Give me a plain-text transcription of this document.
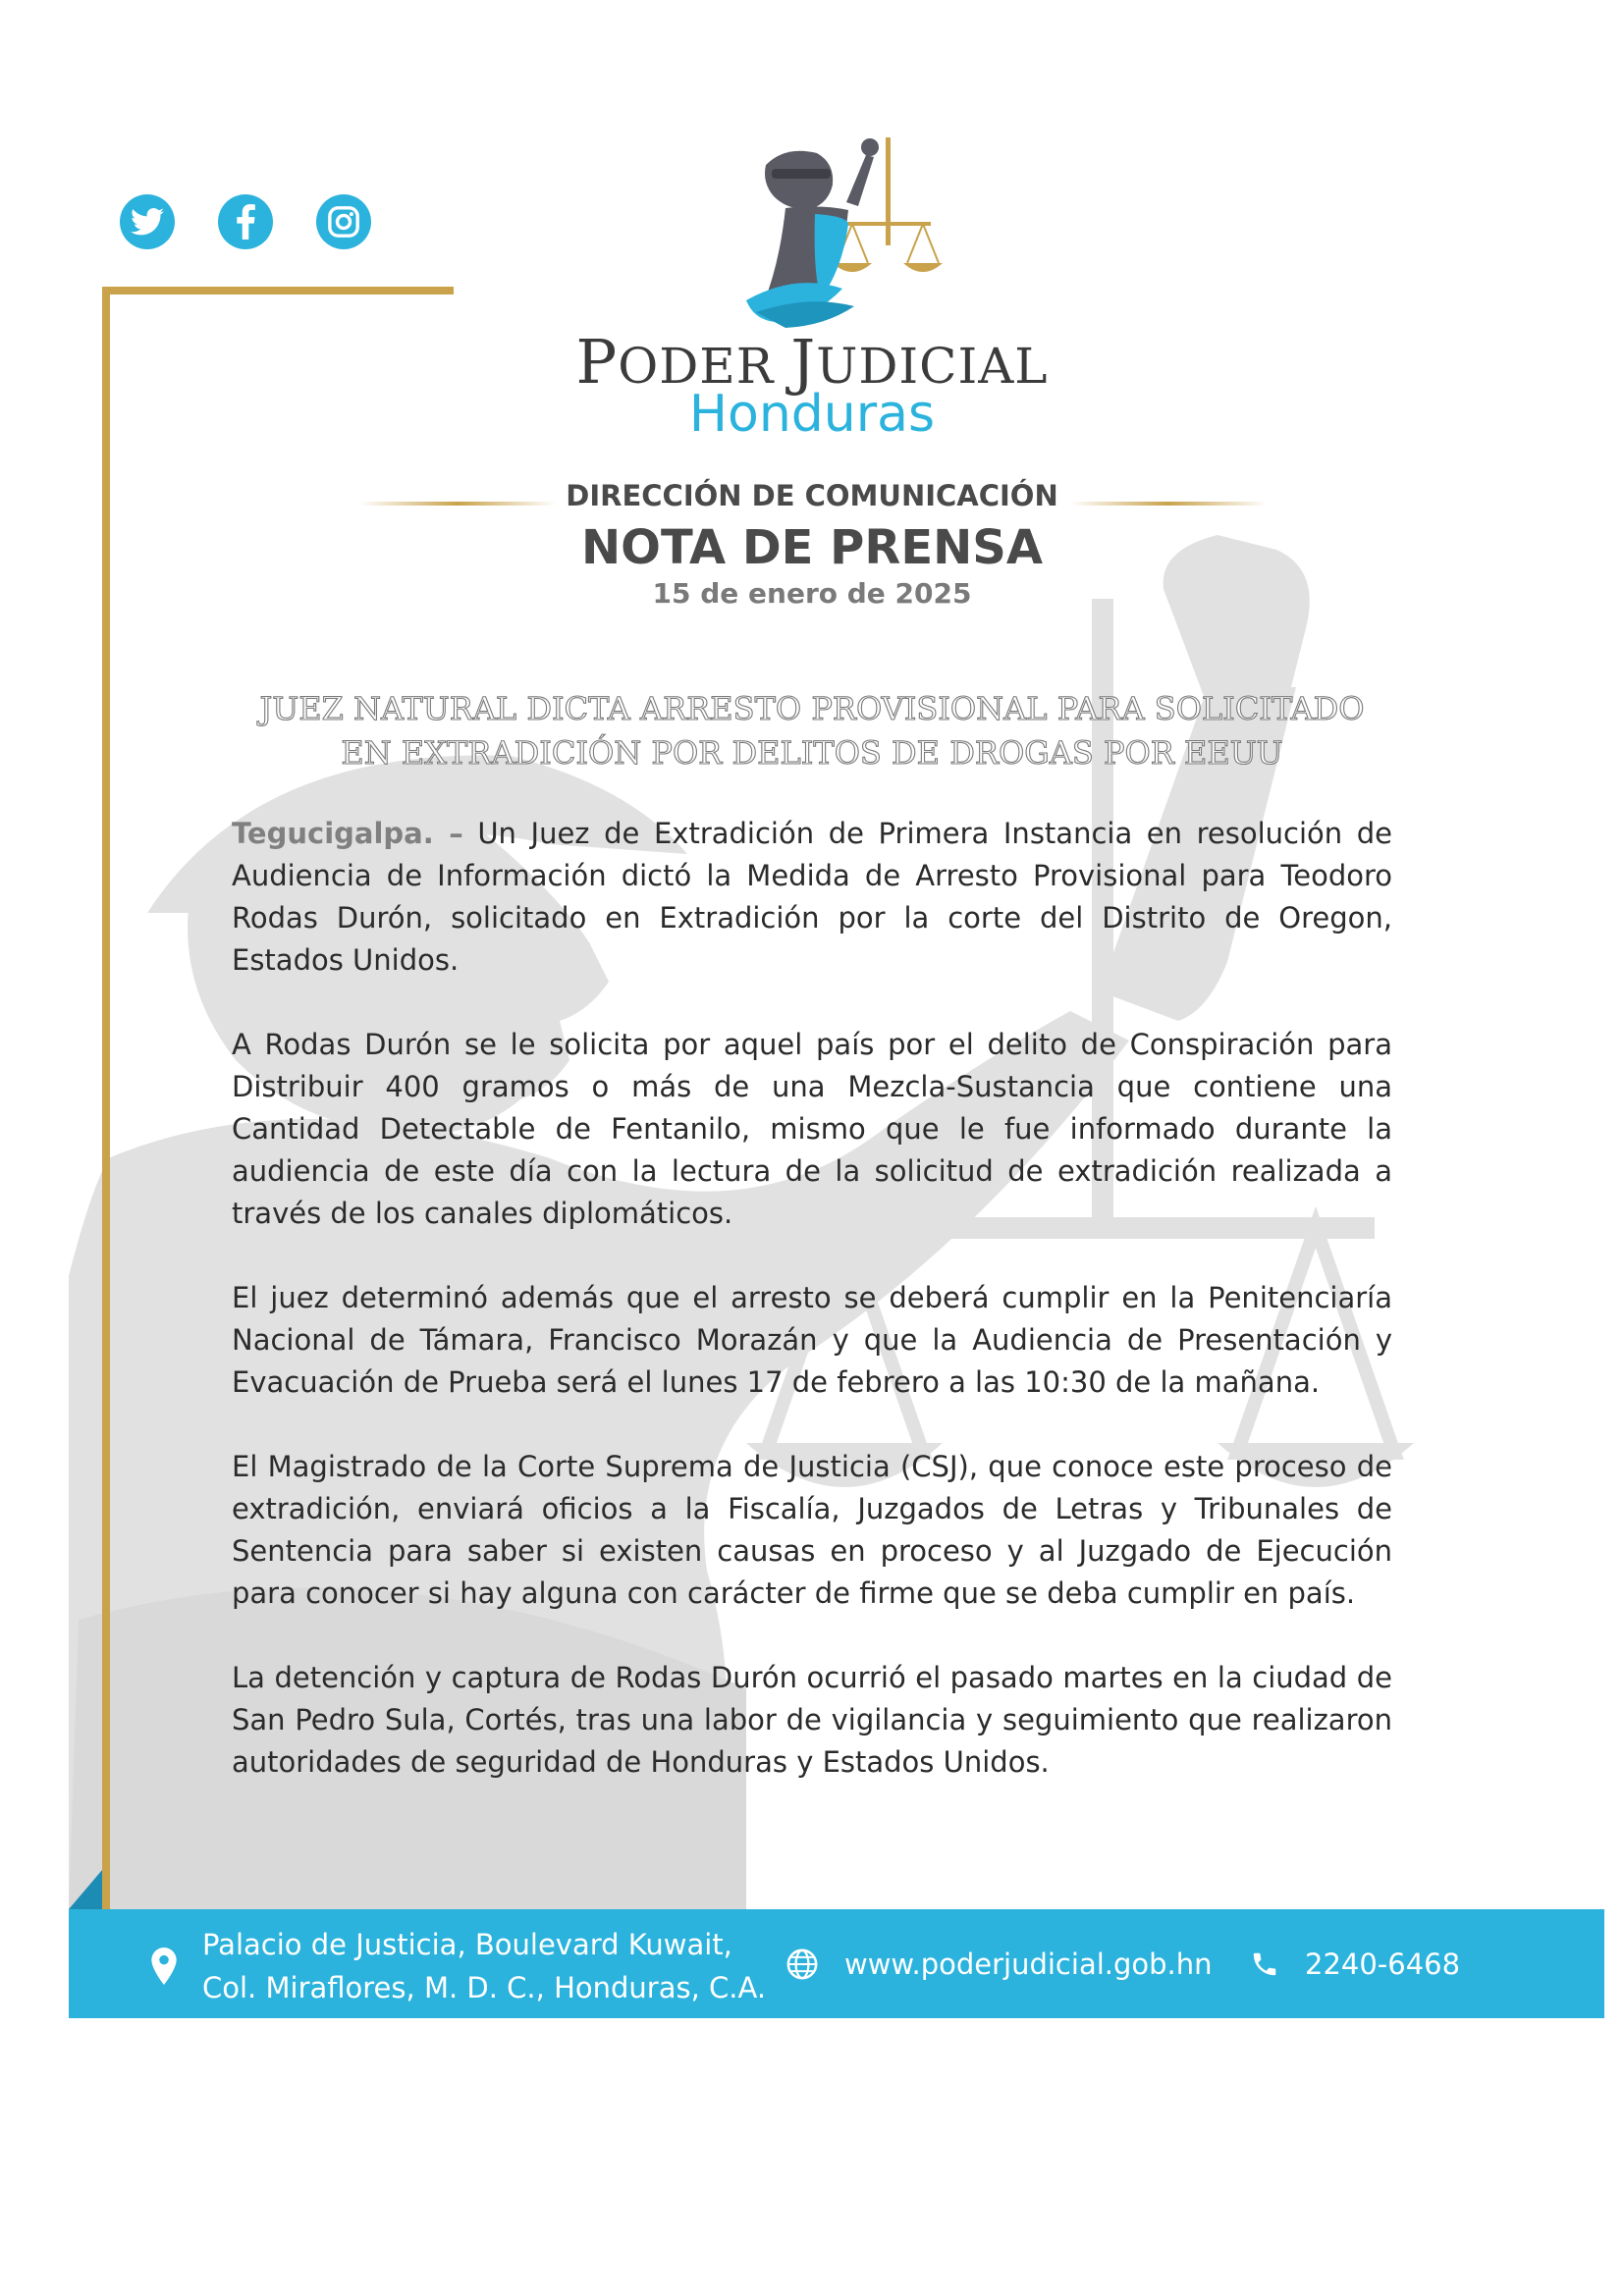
PODER JUDICIAL
Honduras
DIRECCIÓN DE COMUNICACIÓN
NOTA DE PRENSA
15 de enero de 2025
JUEZ NATURAL DICTA ARRESTO PROVISIONAL PARA SOLICITADO
EN EXTRADICIÓN POR DELITOS DE DROGAS POR EEUU

Tegucigalpa. – Un Juez de Extradición de Primera Instancia en resolución de Audiencia de Información dictó la Medida de Arresto Provisional para Teodoro Rodas Durón, solicitado en Extradición por la corte del Distrito de Oregon, Estados Unidos.

A Rodas Durón se le solicita por aquel país por el delito de Conspiración para Distribuir 400 gramos o más de una Mezcla-Sustancia que contiene una Cantidad Detectable de Fentanilo, mismo que le fue informado durante la audiencia de este día con la lectura de la solicitud de extradición realizada a través de los canales diplomáticos.

El juez determinó además que el arresto se deberá cumplir en la Penitenciaría Nacional de Támara, Francisco Morazán y que la Audiencia de Presentación y Evacuación de Prueba será el lunes 17 de febrero a las 10:30 de la mañana.

El Magistrado de la Corte Suprema de Justicia (CSJ), que conoce este proceso de extradición, enviará oficios a la Fiscalía, Juzgados de Letras y Tribunales de Sentencia para saber si existen causas en proceso y al Juzgado de Ejecución para conocer si hay alguna con carácter de firme que se deba cumplir en país.

La detención y captura de Rodas Durón ocurrió el pasado martes en la ciudad de San Pedro Sula, Cortés, tras una labor de vigilancia y seguimiento que realizaron autoridades de seguridad de Honduras y Estados Unidos.

Palacio de Justicia, Boulevard Kuwait,
Col. Miraflores, M. D. C., Honduras, C.A.
www.poderjudicial.gob.hn	2240-6468
